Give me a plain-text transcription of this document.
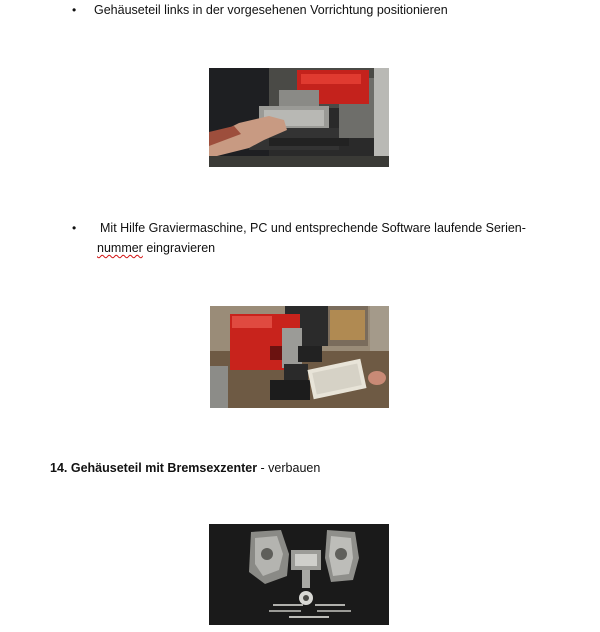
• Gehäuseteil links in der vorgesehenen Vorrichtung positionieren
• Mit Hilfe Graviermaschine, PC und entsprechende Software laufende Serien-
nummer eingravieren
14. Gehäuseteil mit Bremsexzenter - verbauen
